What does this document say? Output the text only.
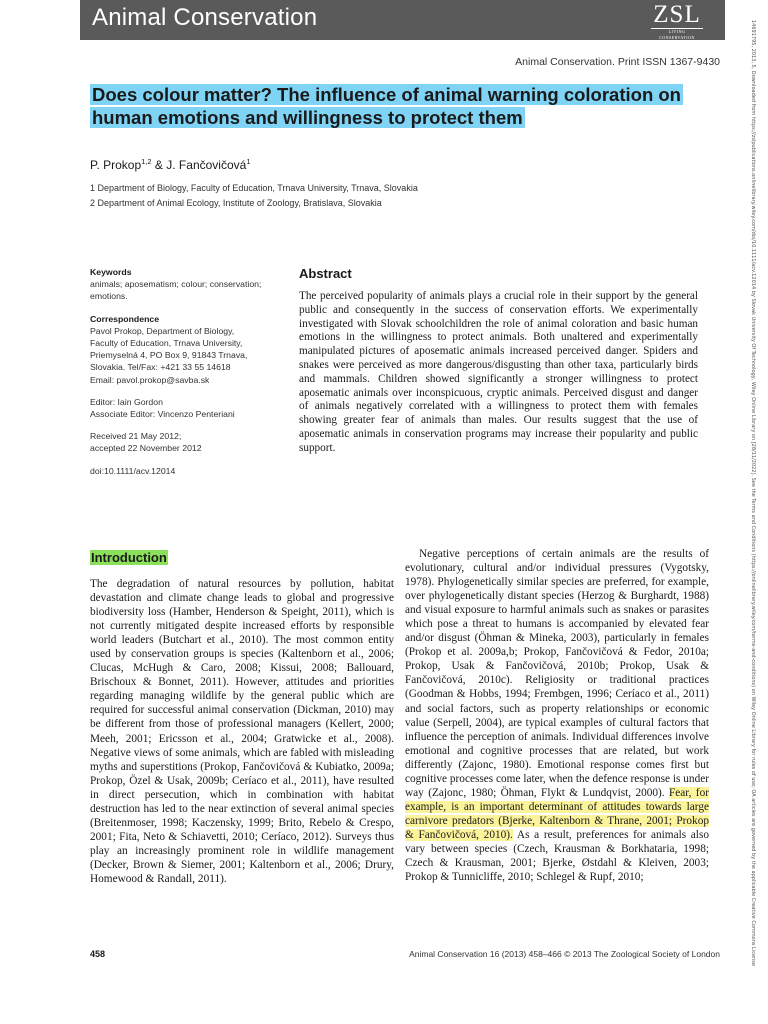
Animal Conservation	ZSL
LIVING CONSERVATION
Animal Conservation. Print ISSN 1367-9430
Does colour matter? The influence of animal warning coloration on human emotions and willingness to protect them
P. Prokop$^{1,2}$ & J. Fančovičová$^1$
1 Department of Biology, Faculty of Education, Trnava University, Trnava, Slovakia
2 Department of Animal Ecology, Institute of Zoology, Bratislava, Slovakia
Keywords
animals; aposematism; colour; conservation; emotions.
Correspondence
Pavol Prokop, Department of Biology,
Faculty of Education, Trnava University,
Priemyselná 4, PO Box 9, 91843 Trnava,
Slovakia. Tel/Fax: +421 33 55 14618
Email: pavol.prokop@savba.sk
Editor: Iain Gordon
Associate Editor: Vincenzo Penteriani
Received 21 May 2012;
accepted 22 November 2012
doi:10.1111/acv.12014
Abstract

The perceived popularity of animals plays a crucial role in their support by the general public and consequently in the success of conservation efforts. We experimentally investigated with Slovak schoolchildren the role of animal coloration and basic human emotions in the willingness to protect animals. Both unaltered and experimentally manipulated pictures of aposematic animals increased perceived danger. Spiders and snakes were perceived as more dangerous/disgusting than other taxa, particularly birds and mammals. Children showed significantly a stronger willingness to protect aposematic animals over inconspicuous, cryptic animals. Perceived disgust and danger of animals negatively correlated with a willingness to protect them with females showing greater fear of animals than males. Our results suggest that the use of aposematic animals in conservation programs may increase their popularity and public support.

Introduction

The degradation of natural resources by pollution, habitat devastation and climate change leads to global and progressive biodiversity loss (Hamber, Henderson & Speight, 2011), which is not currently mitigated despite increased efforts by responsible world leaders (Butchart et al., 2010). The most common entity used by conservation groups is species (Kaltenborn et al., 2006; Clucas, McHugh & Caro, 2008; Kissui, 2008; Ballouard, Brischoux & Bonnet, 2011). However, attitudes and priorities regarding managing wildlife by the general public which are required for successful animal conservation (Dickman, 2010) may be different from those of professional managers (Kellert, 2000; Meeh, 2001; Ericsson et al., 2004; Gratwicke et al., 2008). Negative views of some animals, which are fabled with misleading myths and superstitions (Prokop, Fančovičová & Kubiatko, 2009a; Prokop, Özel & Usak, 2009b; Ceríaco et al., 2011), have resulted in direct persecution, which in combination with habitat destruction has led to the near extinction of several animal species (Breitenmoser, 1998; Kaczensky, 1999; Brito, Rebelo & Crespo, 2001; Fita, Neto & Schiavetti, 2010; Ceríaco, 2012). Surveys thus play an increasingly prominent role in wildlife management (Decker, Brown & Siemer, 2001; Kaltenborn et al., 2006; Drury, Homewood & Randall, 2011).

Negative perceptions of certain animals are the results of evolutionary, cultural and/or individual pressures (Vygotsky, 1978). Phylogenetically similar species are preferred, for example, over phylogenetically distant species (Herzog & Burghardt, 1988) and visual exposure to harmful animals such as snakes or parasites which pose a threat to humans is accompanied by elevated fear and/or disgust (Öhman & Mineka, 2003), particularly in females (Prokop et al. 2009a,b; Prokop, Fančovičová & Fedor, 2010a; Prokop, Usak & Fančovičová, 2010b; Prokop, Usak & Fančovičová, 2010c). Religiosity or traditional practices (Goodman & Hobbs, 1994; Frembgen, 1996; Ceríaco et al., 2011) and social factors, such as property relationships or economic value (Serpell, 2004), are typical examples of cultural factors that influence the perception of animals. Individual differences involve emotional and cognitive processes that are related, but work differently (Zajonc, 1980). Emotional response comes first but cognitive processes come later, when the defence response is under way (Zajonc, 1980; Öhman, Flykt & Lundqvist, 2000). Fear, for example, is an important determinant of attitudes towards large carnivore predators (Bjerke, Kaltenborn & Thrane, 2001; Prokop & Fančovičová, 2010). As a result, preferences for animals also vary between species (Czech, Krausman & Borkhataria, 1998; Czech & Krausman, 2001; Bjerke, Østdahl & Kleiven, 2003; Prokop & Tunnicliffe, 2010; Schlegel & Rupf, 2010;

458	Animal Conservation 16 (2013) 458–466 © 2013 The Zoological Society of London	14691795, 2013, 5, Downloaded from https://zslpublications.onlinelibrary.wiley.com/doi/10.1111/acv.12014 by Slovak University Of Technology, Wiley Online Library on [28/11/2022]. See the Terms and Conditions (https://onlinelibrary.wiley.com/terms-and-conditions) on Wiley Online Library for rules of use; OA articles are governed by the applicable Creative Commons License
